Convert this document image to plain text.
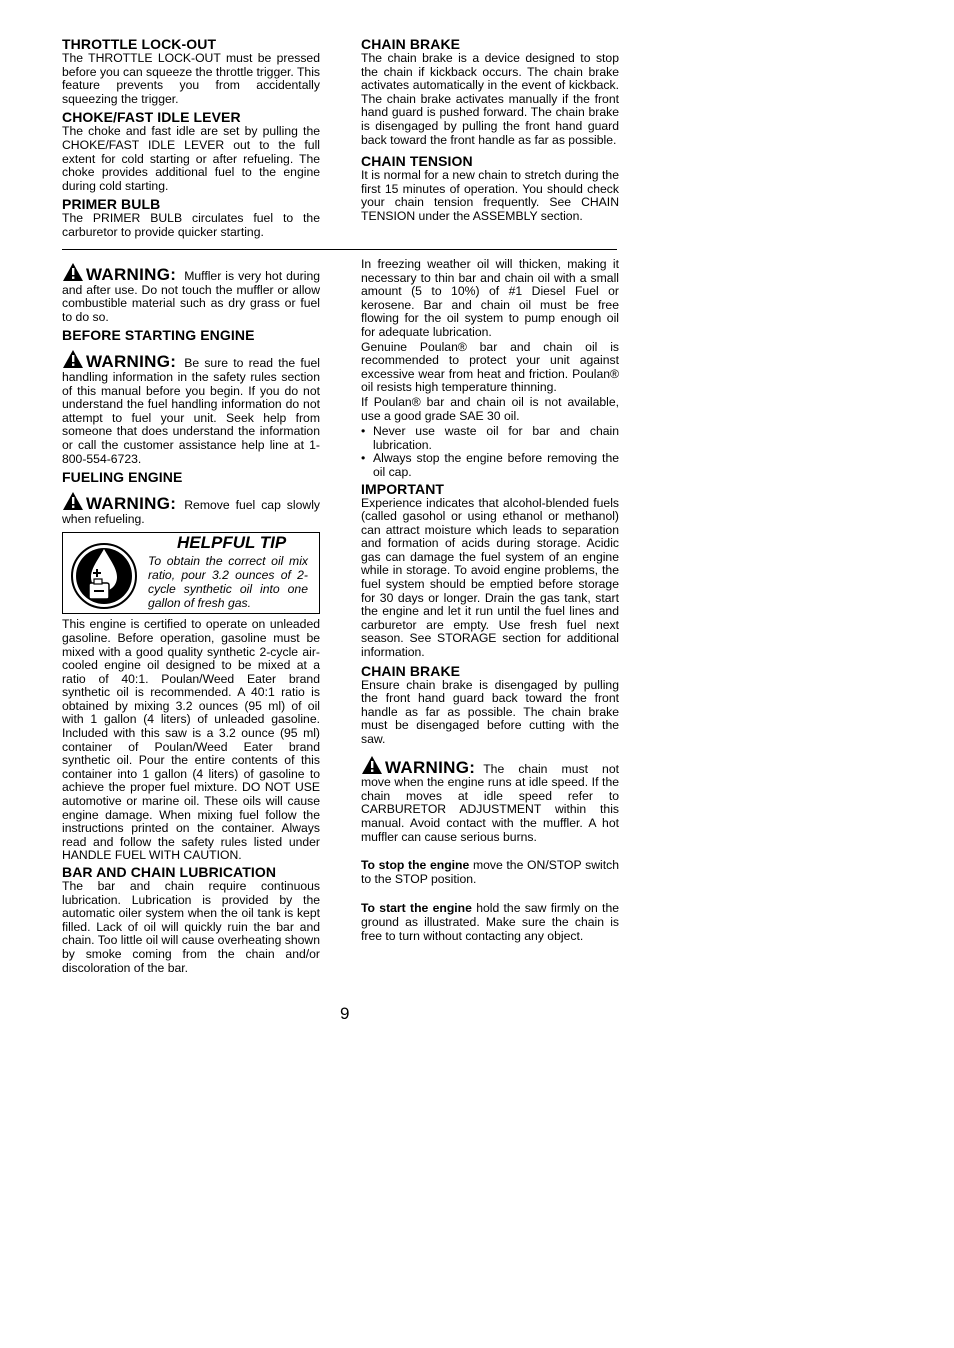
THROTTLE LOCK-OUT

The THROTTLE LOCK-OUT must be pressed before you can squeeze the throttle trigger. This feature prevents you from accidentally squeezing the trigger.

CHOKE/FAST IDLE LEVER

The choke and fast idle are set by pulling the CHOKE/FAST IDLE LEVER out to the full extent for cold starting or after refueling. The choke provides additional fuel to the engine during cold starting.

PRIMER BULB

The PRIMER BULB circulates fuel to the carburetor to provide quicker starting.

CHAIN BRAKE

The chain brake is a device designed to stop the chain if kickback occurs. The chain brake activates automatically in the event of kickback. The chain brake activates manually if the front hand guard is pushed forward. The chain brake is disengaged by pulling the front hand guard back toward the front handle as far as possible.

CHAIN TENSION

It is normal for a new chain to stretch during the first 15 minutes of operation. You should check your chain tension frequently. See CHAIN TENSION under the ASSEMBLY section.

WARNING: Muffler is very hot during and after use. Do not touch the muffler or allow combustible material such as dry grass or fuel to do so.

BEFORE STARTING ENGINE

WARNING: Be sure to read the fuel handling information in the safety rules section of this manual before you begin. If you do not understand the fuel handling information do not attempt to fuel your unit. Seek help from someone that does understand the information or call the customer assistance help line at 1-800-554-6723.

FUELING ENGINE

WARNING: Remove fuel cap slowly when refueling.

HELPFUL TIP
To obtain the correct oil mix ratio, pour 3.2 ounces of 2-cycle synthetic oil into one gallon of fresh gas.

This engine is certified to operate on unleaded gasoline. Before operation, gasoline must be mixed with a good quality synthetic 2-cycle air-cooled engine oil designed to be mixed at a ratio of 40:1. Poulan/Weed Eater brand synthetic oil is recommended. A 40:1 ratio is obtained by mixing 3.2 ounces (95 ml) of oil with 1 gallon (4 liters) of unleaded gasoline. Included with this saw is a 3.2 ounce (95 ml) container of Poulan/Weed Eater brand synthetic oil. Pour the entire contents of this container into 1 gallon (4 liters) of gasoline to achieve the proper fuel mixture. DO NOT USE automotive or marine oil. These oils will cause engine damage. When mixing fuel follow the instructions printed on the container. Always read and follow the safety rules listed under HANDLE FUEL WITH CAUTION.

BAR AND CHAIN LUBRICATION

The bar and chain require continuous lubrication. Lubrication is provided by the automatic oiler system when the oil tank is kept filled. Lack of oil will quickly ruin the bar and chain. Too little oil will cause overheating shown by smoke coming from the chain and/or discoloration of the bar.

In freezing weather oil will thicken, making it necessary to thin bar and chain oil with a small amount (5 to 10%) of #1 Diesel Fuel or kerosene. Bar and chain oil must be free flowing for the oil system to pump enough oil for adequate lubrication.

Genuine Poulan® bar and chain oil is recommended to protect your unit against excessive wear from heat and friction. Poulan® oil resists high temperature thinning.

If Poulan® bar and chain oil is not available, use a good grade SAE 30 oil.

• Never use waste oil for bar and chain lubrication.
• Always stop the engine before removing the oil cap.
IMPORTANT

Experience indicates that alcohol-blended fuels (called gasohol or using ethanol or methanol) can attract moisture which leads to separation and formation of acids during storage. Acidic gas can damage the fuel system of an engine while in storage. To avoid engine problems, the fuel system should be emptied before storage for 30 days or longer. Drain the gas tank, start the engine and let it run until the fuel lines and carburetor are empty. Use fresh fuel next season. See STORAGE section for additional information.

CHAIN BRAKE

Ensure chain brake is disengaged by pulling the front hand guard back toward the front handle as far as possible. The chain brake must be disengaged before cutting with the saw.

WARNING: The chain must not move when the engine runs at idle speed. If the chain moves at idle speed refer to CARBURETOR ADJUSTMENT within this manual. Avoid contact with the muffler. A hot muffler can cause serious burns.

To stop the engine move the ON/STOP switch to the STOP position.

To start the engine hold the saw firmly on the ground as illustrated. Make sure the chain is free to turn without contacting any object.

9
